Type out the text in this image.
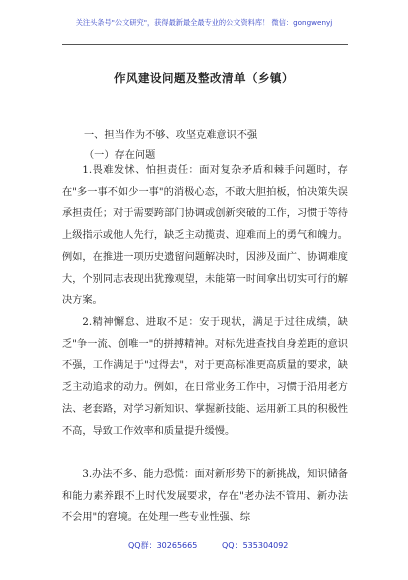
关注头条号"公文研究"，获得最新最全最专业的公文资料库！ 微信：gongwenyj
作风建设问题及整改清单（乡镇）
一、担当作为不够、攻坚克难意识不强
（一）存在问题

1.畏难发怵、怕担责任：面对复杂矛盾和棘手问题时，存在"多一事不如少一事"的消极心态，不敢大胆拍板，怕决策失误承担责任；对于需要跨部门协调或创新突破的工作，习惯于等待上级指示或他人先行，缺乏主动揽责、迎难而上的勇气和魄力。例如，在推进一项历史遗留问题解决时，因涉及面广、协调难度大，个别同志表现出犹豫观望，未能第一时间拿出切实可行的解决方案。

2.精神懈怠、进取不足：安于现状，满足于过往成绩，缺乏"争一流、创唯一"的拼搏精神。对标先进查找自身差距的意识不强，工作满足于"过得去"，对于更高标准更高质量的要求，缺乏主动追求的动力。例如，在日常业务工作中，习惯于沿用老方法、老套路，对学习新知识、掌握新技能、运用新工具的积极性不高，导致工作效率和质量提升缓慢。

3.办法不多、能力恐慌：面对新形势下的新挑战，知识储备和能力素养跟不上时代发展要求，存在"老办法不管用、新办法不会用"的窘境。在处理一些专业性强、综

QQ群：30265665	QQ：535304092
